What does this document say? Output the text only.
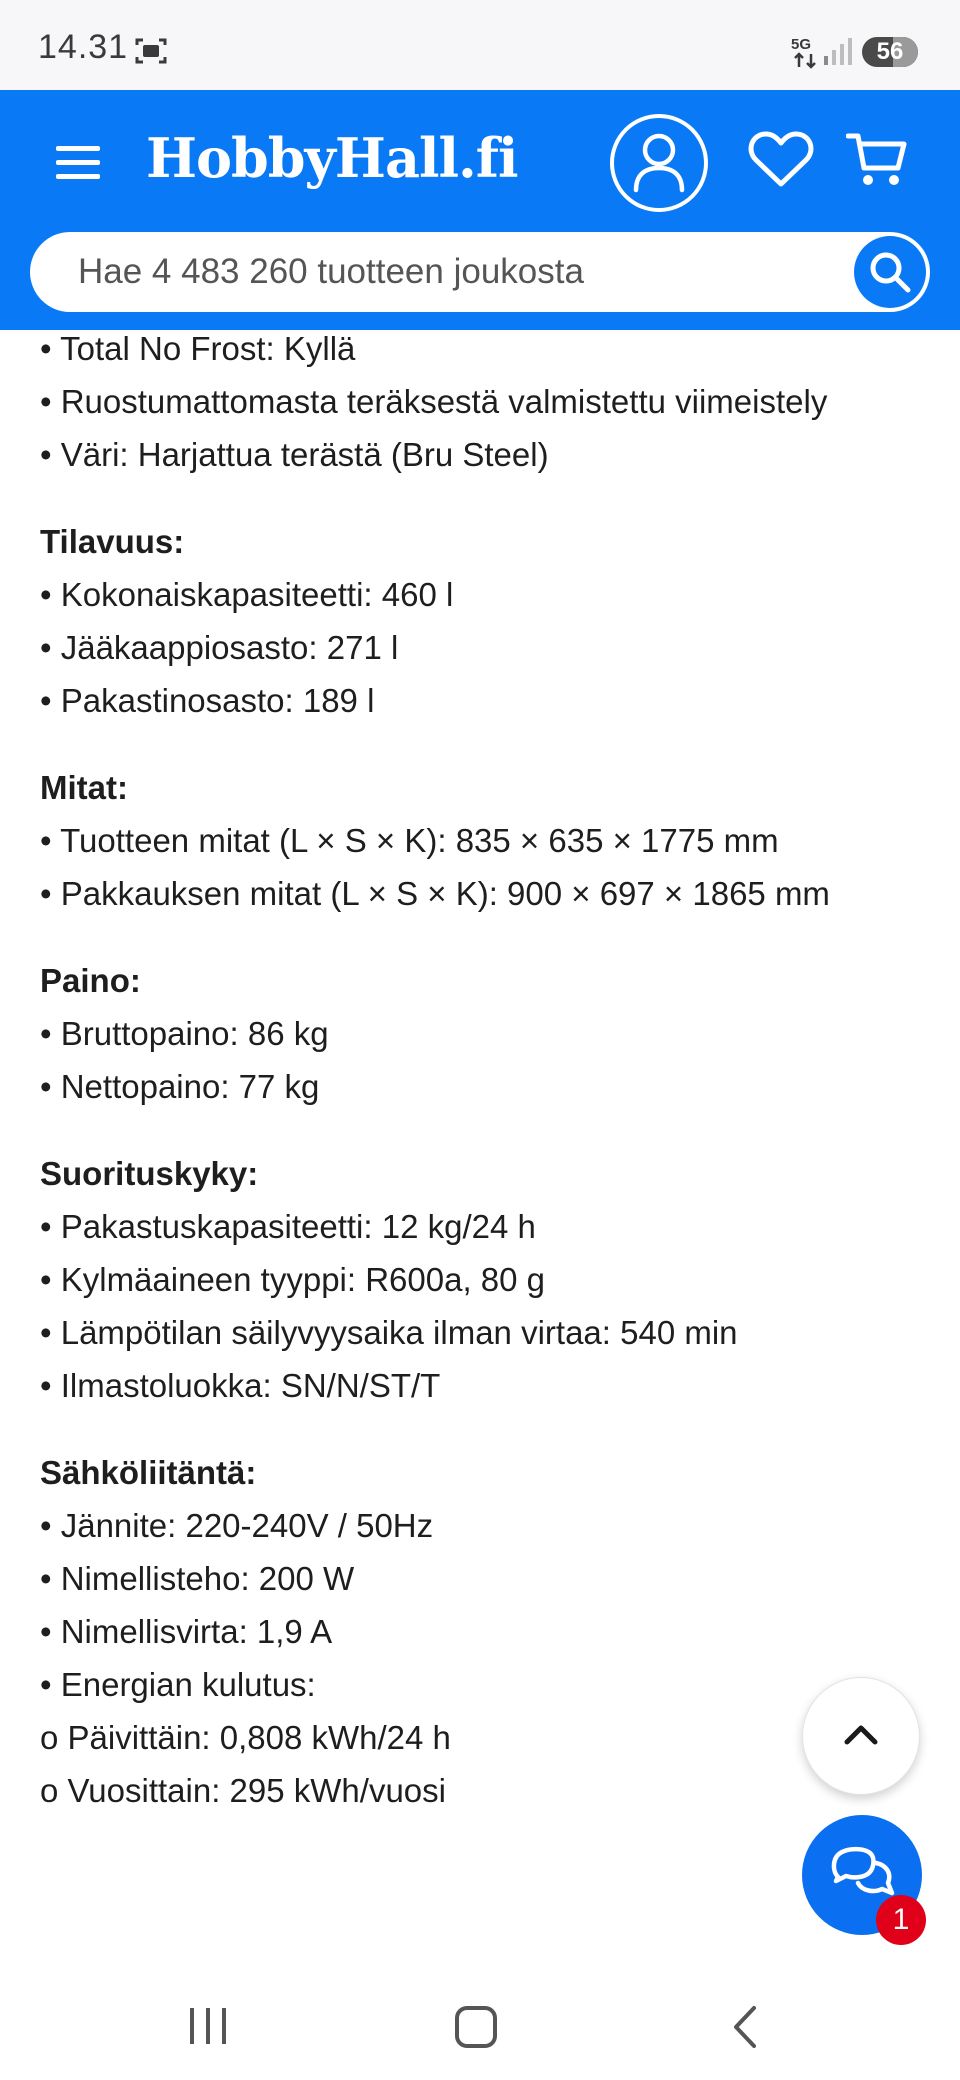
14.31	5G	56
HobbyHall.fi
Hae 4 483 260 tuotteen joukosta
• Total No Frost: Kyllä
• Ruostumattomasta teräksestä valmistettu viimeistely
• Väri: Harjattua terästä (Bru Steel)
Tilavuus:
• Kokonaiskapasiteetti: 460 l
• Jääkaappiosasto: 271 l
• Pakastinosasto: 189 l
Mitat:
• Tuotteen mitat (L × S × K): 835 × 635 × 1775 mm
• Pakkauksen mitat (L × S × K): 900 × 697 × 1865 mm
Paino:
• Bruttopaino: 86 kg
• Nettopaino: 77 kg
Suorituskyky:
• Pakastuskapasiteetti: 12 kg/24 h
• Kylmäaineen tyyppi: R600a, 80 g
• Lämpötilan säilyvyysaika ilman virtaa: 540 min
• Ilmastoluokka: SN/N/ST/T
Sähköliitäntä:
• Jännite: 220-240V / 50Hz
• Nimellisteho: 200 W
• Nimellisvirta: 1,9 A
• Energian kulutus:
o Päivittäin: 0,808 kWh/24 h
o Vuosittain: 295 kWh/vuosi
1
